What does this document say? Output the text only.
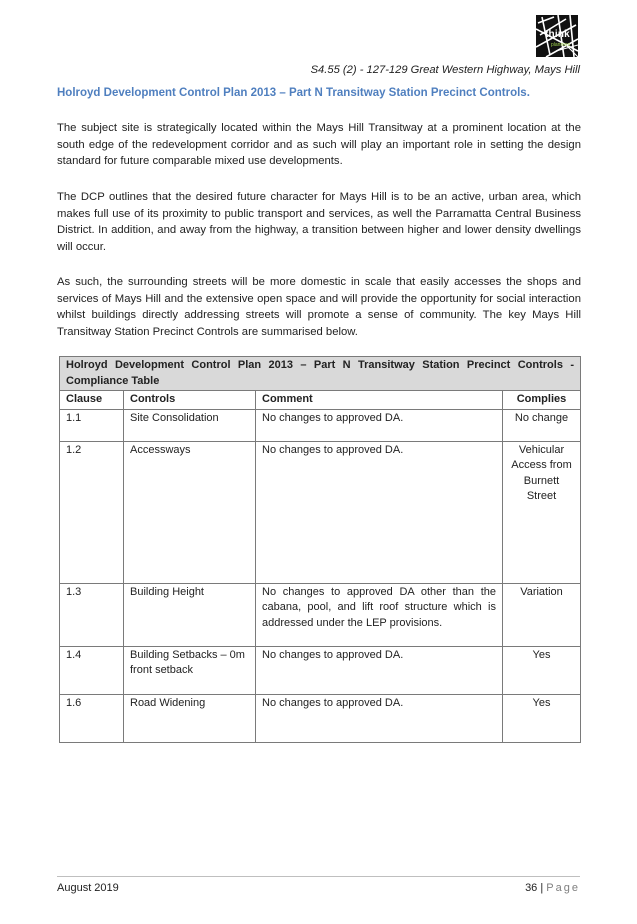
think
planners
S4.55 (2) - 127-129 Great Western Highway, Mays Hill
Holroyd Development Control Plan 2013 – Part N Transitway Station Precinct Controls.

The subject site is strategically located within the Mays Hill Transitway at a prominent location at the south edge of the redevelopment corridor and as such will play an important role in setting the design standard for future comparable mixed use developments.

The DCP outlines that the desired future character for Mays Hill is to be an active, urban area, which makes full use of its proximity to public transport and services, as well the Parramatta Central Business District. In addition, and away from the highway, a transition between higher and lower density dwellings will occur.

As such, the surrounding streets will be more domestic in scale that easily accesses the shops and services of Mays Hill and the extensive open space and will provide the opportunity for social interaction whilst buildings directly addressing streets will promote a sense of community. The key Mays Hill Transitway Station Precinct Controls are summarised below.

Holroyd Development Control Plan 2013 – Part N Transitway Station Precinct Controls - Compliance Table			
Clause	Controls	Comment	Complies
1.1	Site Consolidation	No changes to approved DA.	No change
1.2	Accessways	No changes to approved DA.	Vehicular Access from Burnett Street
1.3	Building Height	No changes to approved DA other than the cabana, pool, and lift roof structure which is addressed under the LEP provisions.	Variation
1.4	Building Setbacks – 0m front setback	No changes to approved DA.	Yes
1.6	Road Widening	No changes to approved DA.	Yes
August 2019	36 | Page
